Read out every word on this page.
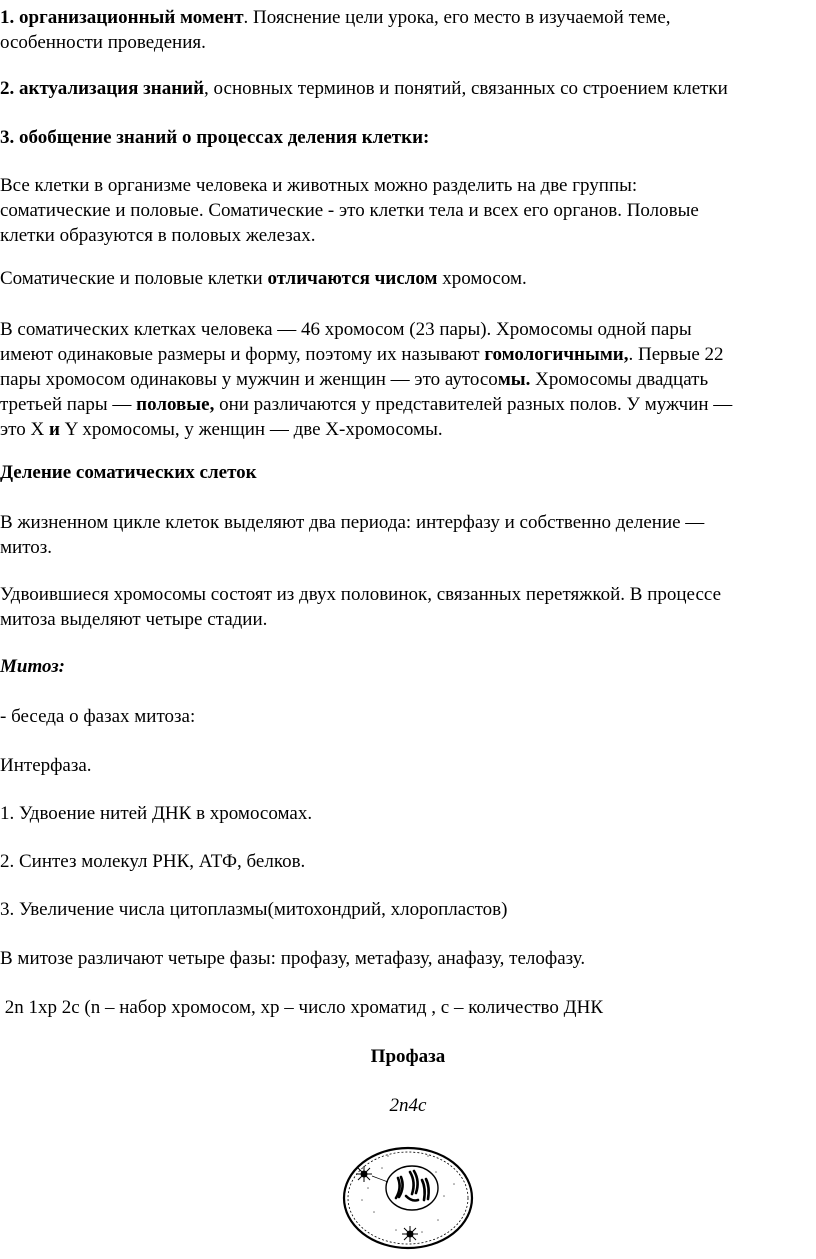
1. организационный момент. Пояснение цели урока, его место в изучаемой теме,
особенности проведения.

2. актуализация знаний, основных терминов и понятий, связанных со строением клетки

3. обобщение знаний о процессах деления клетки:

Все клетки в организме человека и животных можно разделить на две группы:
соматические и половые. Соматические - это клетки тела и всех его органов. Половые
клетки образуются в половых железах.

Соматические и половые клетки отличаются числом хромосом.

В соматических клетках человека — 46 хромосом (23 пары). Хромосомы одной пары
имеют одинаковые размеры и форму, поэтому их называют гомологичными,. Первые 22
пары хромосом одинаковы у мужчин и женщин — это аутосомы. Хромосомы двадцать
третьей пары — половые, они различаются у представителей разных полов. У мужчин —
это X и Y хромосомы, у женщин — две Х-хромосомы.

Деление соматических слеток

В жизненном цикле клеток выделяют два периода: интерфазу и собственно деление —
митоз.

Удвоившиеся хромосомы состоят из двух половинок, связанных перетяжкой. В процессе
митоза выделяют четыре стадии.

Митоз:

- беседа о фазах митоза:

Интерфаза.

1. Удвоение нитей ДНК в хромосомах.

2. Синтез молекул РНК, АТФ, белков.

3. Увеличение числа цитоплазмы(митохондрий, хлоропластов)

В митозе различают четыре фазы: профазу, метафазу, анафазу, телофазу.

2n 1xp 2c (n – набор хромосом, xp – число хроматид , c – количество ДНК

Профаза

2n4c
